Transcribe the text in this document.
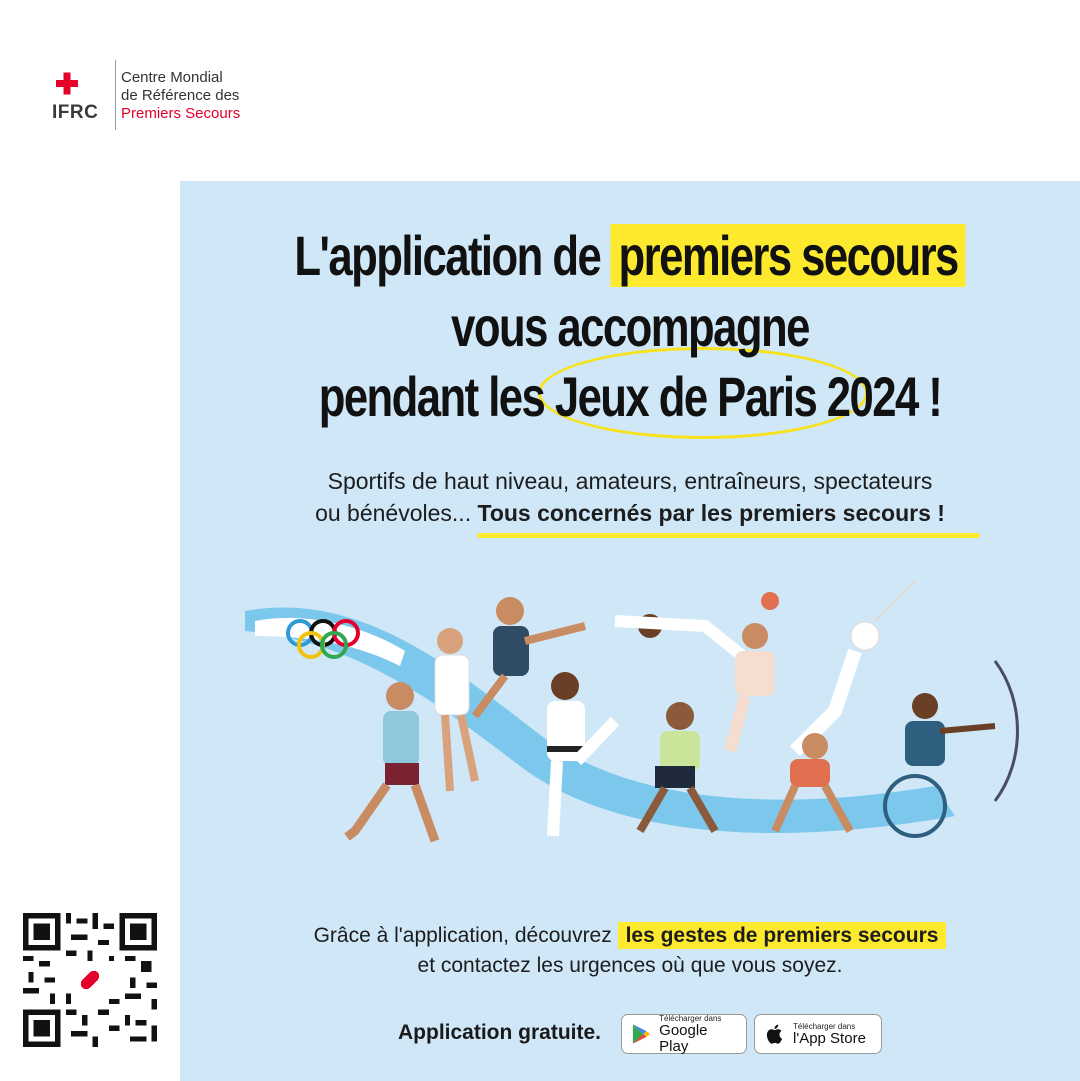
IFRC
Centre Mondial
de Référence des
Premiers Secours
L'application de premiers secours
vous accompagne
pendant les Jeux de Paris 2024 !
Sportifs de haut niveau, amateurs, entraîneurs, spectateurs
ou bénévoles... Tous concernés par les premiers secours !
Grâce à l'application, découvrez les gestes de premiers secours
et contactez les urgences où que vous soyez.
Application gratuite.
Télécharger dans
Google Play
Télécharger dans
l'App Store
